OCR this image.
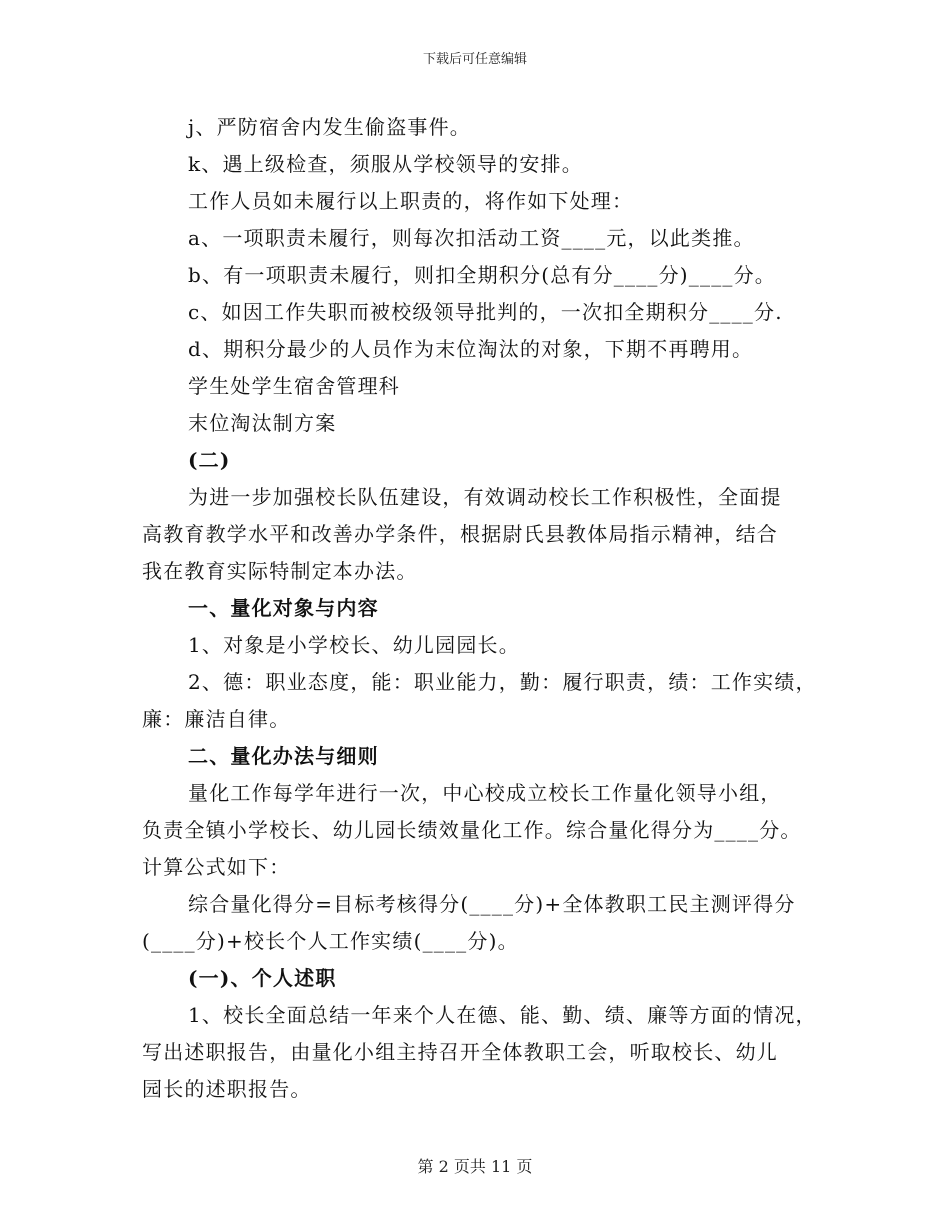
下载后可任意编辑
j、严防宿舍内发生偷盗事件。
k、遇上级检查，须服从学校领导的安排。
工作人员如未履行以上职责的，将作如下处理：
a、一项职责未履行，则每次扣活动工资____元，以此类推。
b、有一项职责未履行，则扣全期积分(总有分____分)____分。
c、如因工作失职而被校级领导批判的，一次扣全期积分____分.
d、期积分最少的人员作为末位淘汰的对象，下期不再聘用。
学生处学生宿舍管理科
末位淘汰制方案
(二)
为进一步加强校长队伍建设，有效调动校长工作积极性，全面提
高教育教学水平和改善办学条件，根据尉氏县教体局指示精神，结合
我在教育实际特制定本办法。
一、量化对象与内容
1、对象是小学校长、幼儿园园长。
2、德：职业态度，能：职业能力，勤：履行职责，绩：工作实绩，
廉：廉洁自律。
二、量化办法与细则
量化工作每学年进行一次，中心校成立校长工作量化领导小组，
负责全镇小学校长、幼儿园长绩效量化工作。综合量化得分为____分。
计算公式如下：
综合量化得分=目标考核得分(____分)+全体教职工民主测评得分
(____分)+校长个人工作实绩(____分)。
(一)、个人述职
1、校长全面总结一年来个人在德、能、勤、绩、廉等方面的情况，
写出述职报告，由量化小组主持召开全体教职工会，听取校长、幼儿
园长的述职报告。
第 2 页共 11 页
